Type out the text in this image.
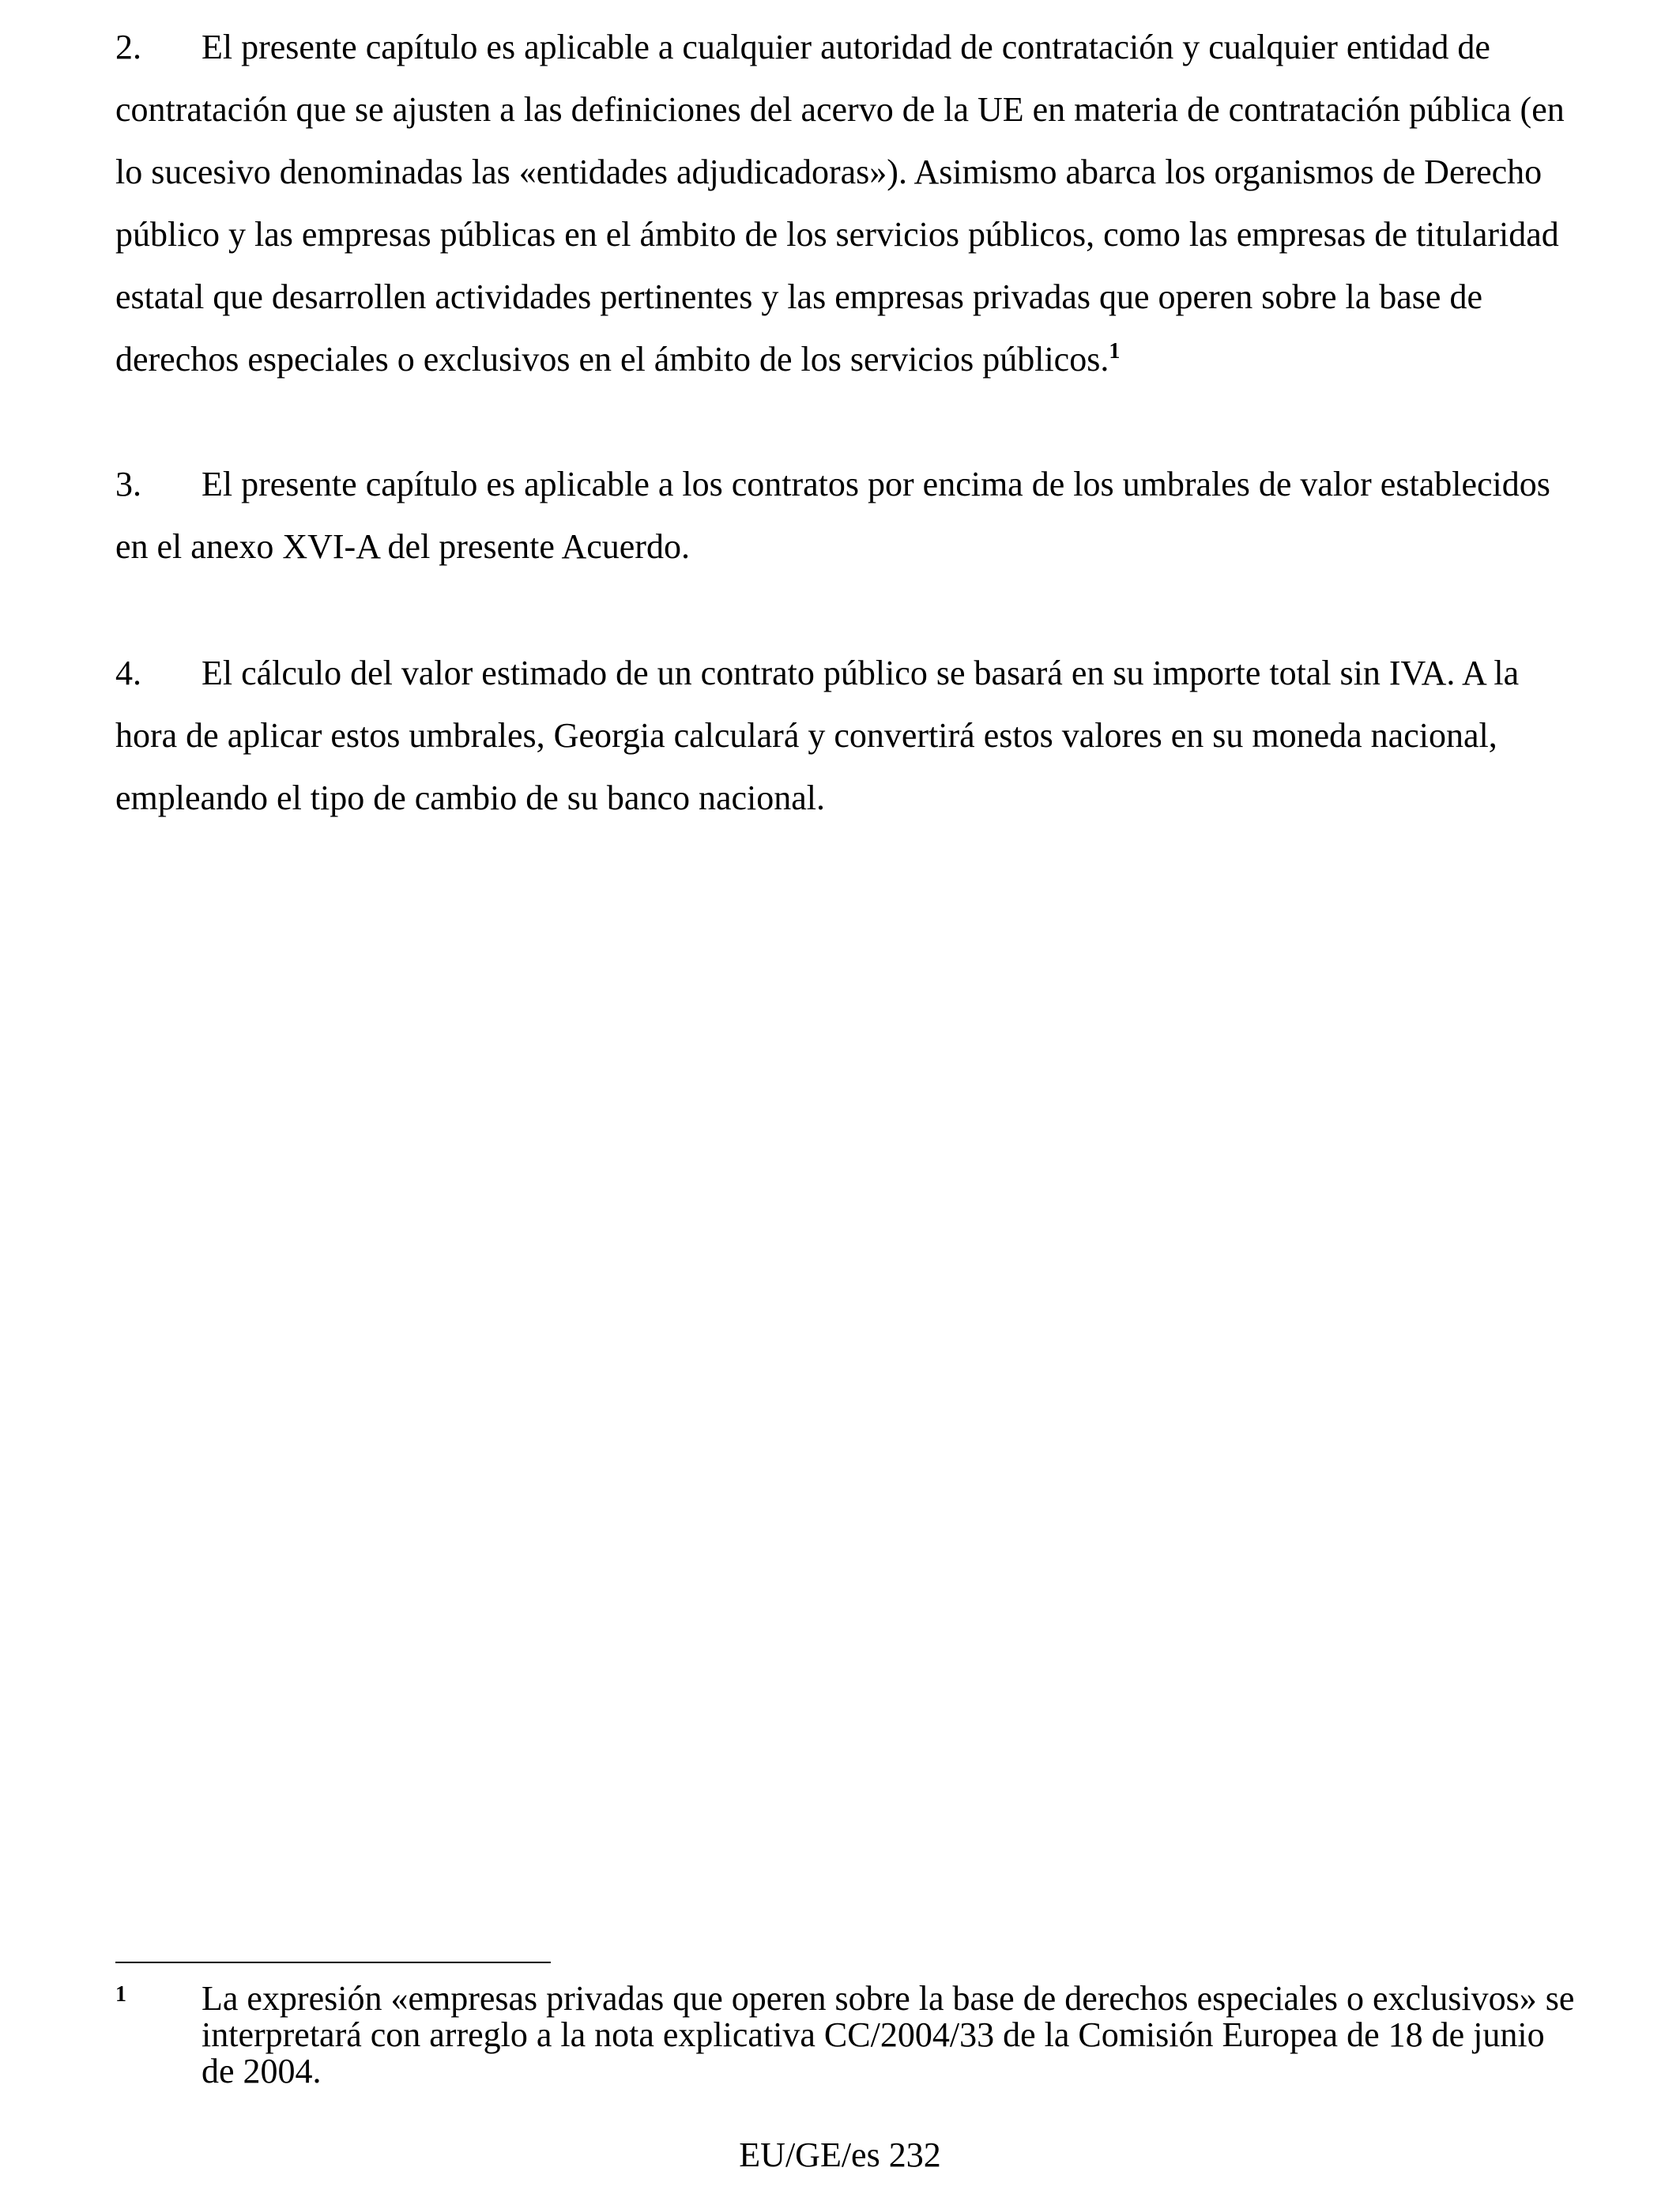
2. El presente capítulo es aplicable a cualquier autoridad de contratación y cualquier entidad de contratación que se ajusten a las definiciones del acervo de la UE en materia de contratación pública (en lo sucesivo denominadas las «entidades adjudicadoras»). Asimismo abarca los organismos de Derecho público y las empresas públicas en el ámbito de los servicios públicos, como las empresas de titularidad estatal que desarrollen actividades pertinentes y las empresas privadas que operen sobre la base de derechos especiales o exclusivos en el ámbito de los servicios públicos.$^1$

3. El presente capítulo es aplicable a los contratos por encima de los umbrales de valor establecidos en el anexo XVI-A del presente Acuerdo.

4. El cálculo del valor estimado de un contrato público se basará en su importe total sin IVA. A la hora de aplicar estos umbrales, Georgia calculará y convertirá estos valores en su moneda nacional, empleando el tipo de cambio de su banco nacional.

1 La expresión «empresas privadas que operen sobre la base de derechos especiales o exclusivos» se interpretará con arreglo a la nota explicativa CC/2004/33 de la Comisión Europea de 18 de junio de 2004.
EU/GE/es 232
